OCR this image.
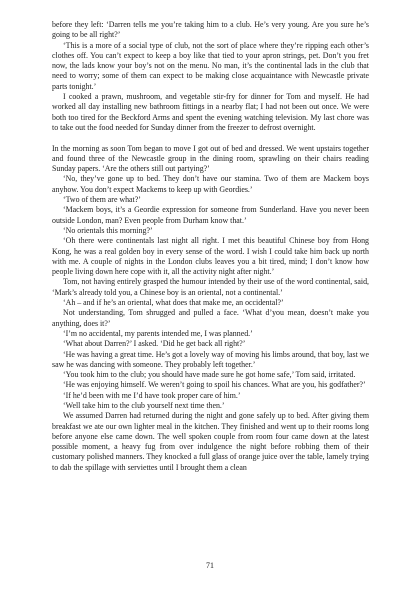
before they left: ‘Darren tells me you’re taking him to a club. He’s very young. Are you sure he’s going to be all right?’

‘This is a more of a social type of club, not the sort of place where they’re ripping each other’s clothes off. You can’t expect to keep a boy like that tied to your apron strings, pet. Don’t you fret now, the lads know your boy’s not on the menu. No man, it’s the continental lads in the club that need to worry; some of them can expect to be making close acquaintance with Newcastle private parts tonight.’

I cooked a prawn, mushroom, and vegetable stir-fry for dinner for Tom and myself. He had worked all day installing new bathroom fittings in a nearby flat; I had not been out once. We were both too tired for the Beckford Arms and spent the evening watching television. My last chore was to take out the food needed for Sunday dinner from the freezer to defrost overnight.

In the morning as soon Tom began to move I got out of bed and dressed. We went upstairs together and found three of the Newcastle group in the dining room, sprawling on their chairs reading Sunday papers. ‘Are the others still out partying?’

‘No, they’ve gone up to bed. They don’t have our stamina. Two of them are Mackem boys anyhow. You don’t expect Mackems to keep up with Geordies.’

‘Two of them are what?’

‘Mackem boys, it’s a Geordie expression for someone from Sunderland. Have you never been outside London, man? Even people from Durham know that.’

‘No orientals this morning?’

‘Oh there were continentals last night all right. I met this beautiful Chinese boy from Hong Kong, he was a real golden boy in every sense of the word. I wish I could take him back up north with me. A couple of nights in the London clubs leaves you a bit tired, mind; I don’t know how people living down here cope with it, all the activity night after night.’

Tom, not having entirely grasped the humour intended by their use of the word continental, said, ‘Mark’s already told you, a Chinese boy is an oriental, not a continental.’

‘Ah – and if he’s an oriental, what does that make me, an occidental?’

Not understanding, Tom shrugged and pulled a face. ‘What d’you mean, doesn’t make you anything, does it?’

‘I’m no accidental, my parents intended me, I was planned.’

‘What about Darren?’ I asked. ‘Did he get back all right?’

‘He was having a great time. He’s got a lovely way of moving his limbs around, that boy, last we saw he was dancing with someone. They probably left together.’

‘You took him to the club; you should have made sure he got home safe,’ Tom said, irritated.

‘He was enjoying himself. We weren’t going to spoil his chances. What are you, his godfather?’

‘If he’d been with me I’d have took proper care of him.’

‘Well take him to the club yourself next time then.’

We assumed Darren had returned during the night and gone safely up to bed. After giving them breakfast we ate our own lighter meal in the kitchen. They finished and went up to their rooms long before anyone else came down. The well spoken couple from room four came down at the latest possible moment, a heavy fug from over indulgence the night before robbing them of their customary polished manners. They knocked a full glass of orange juice over the table, lamely trying to dab the spillage with serviettes until I brought them a clean

71
